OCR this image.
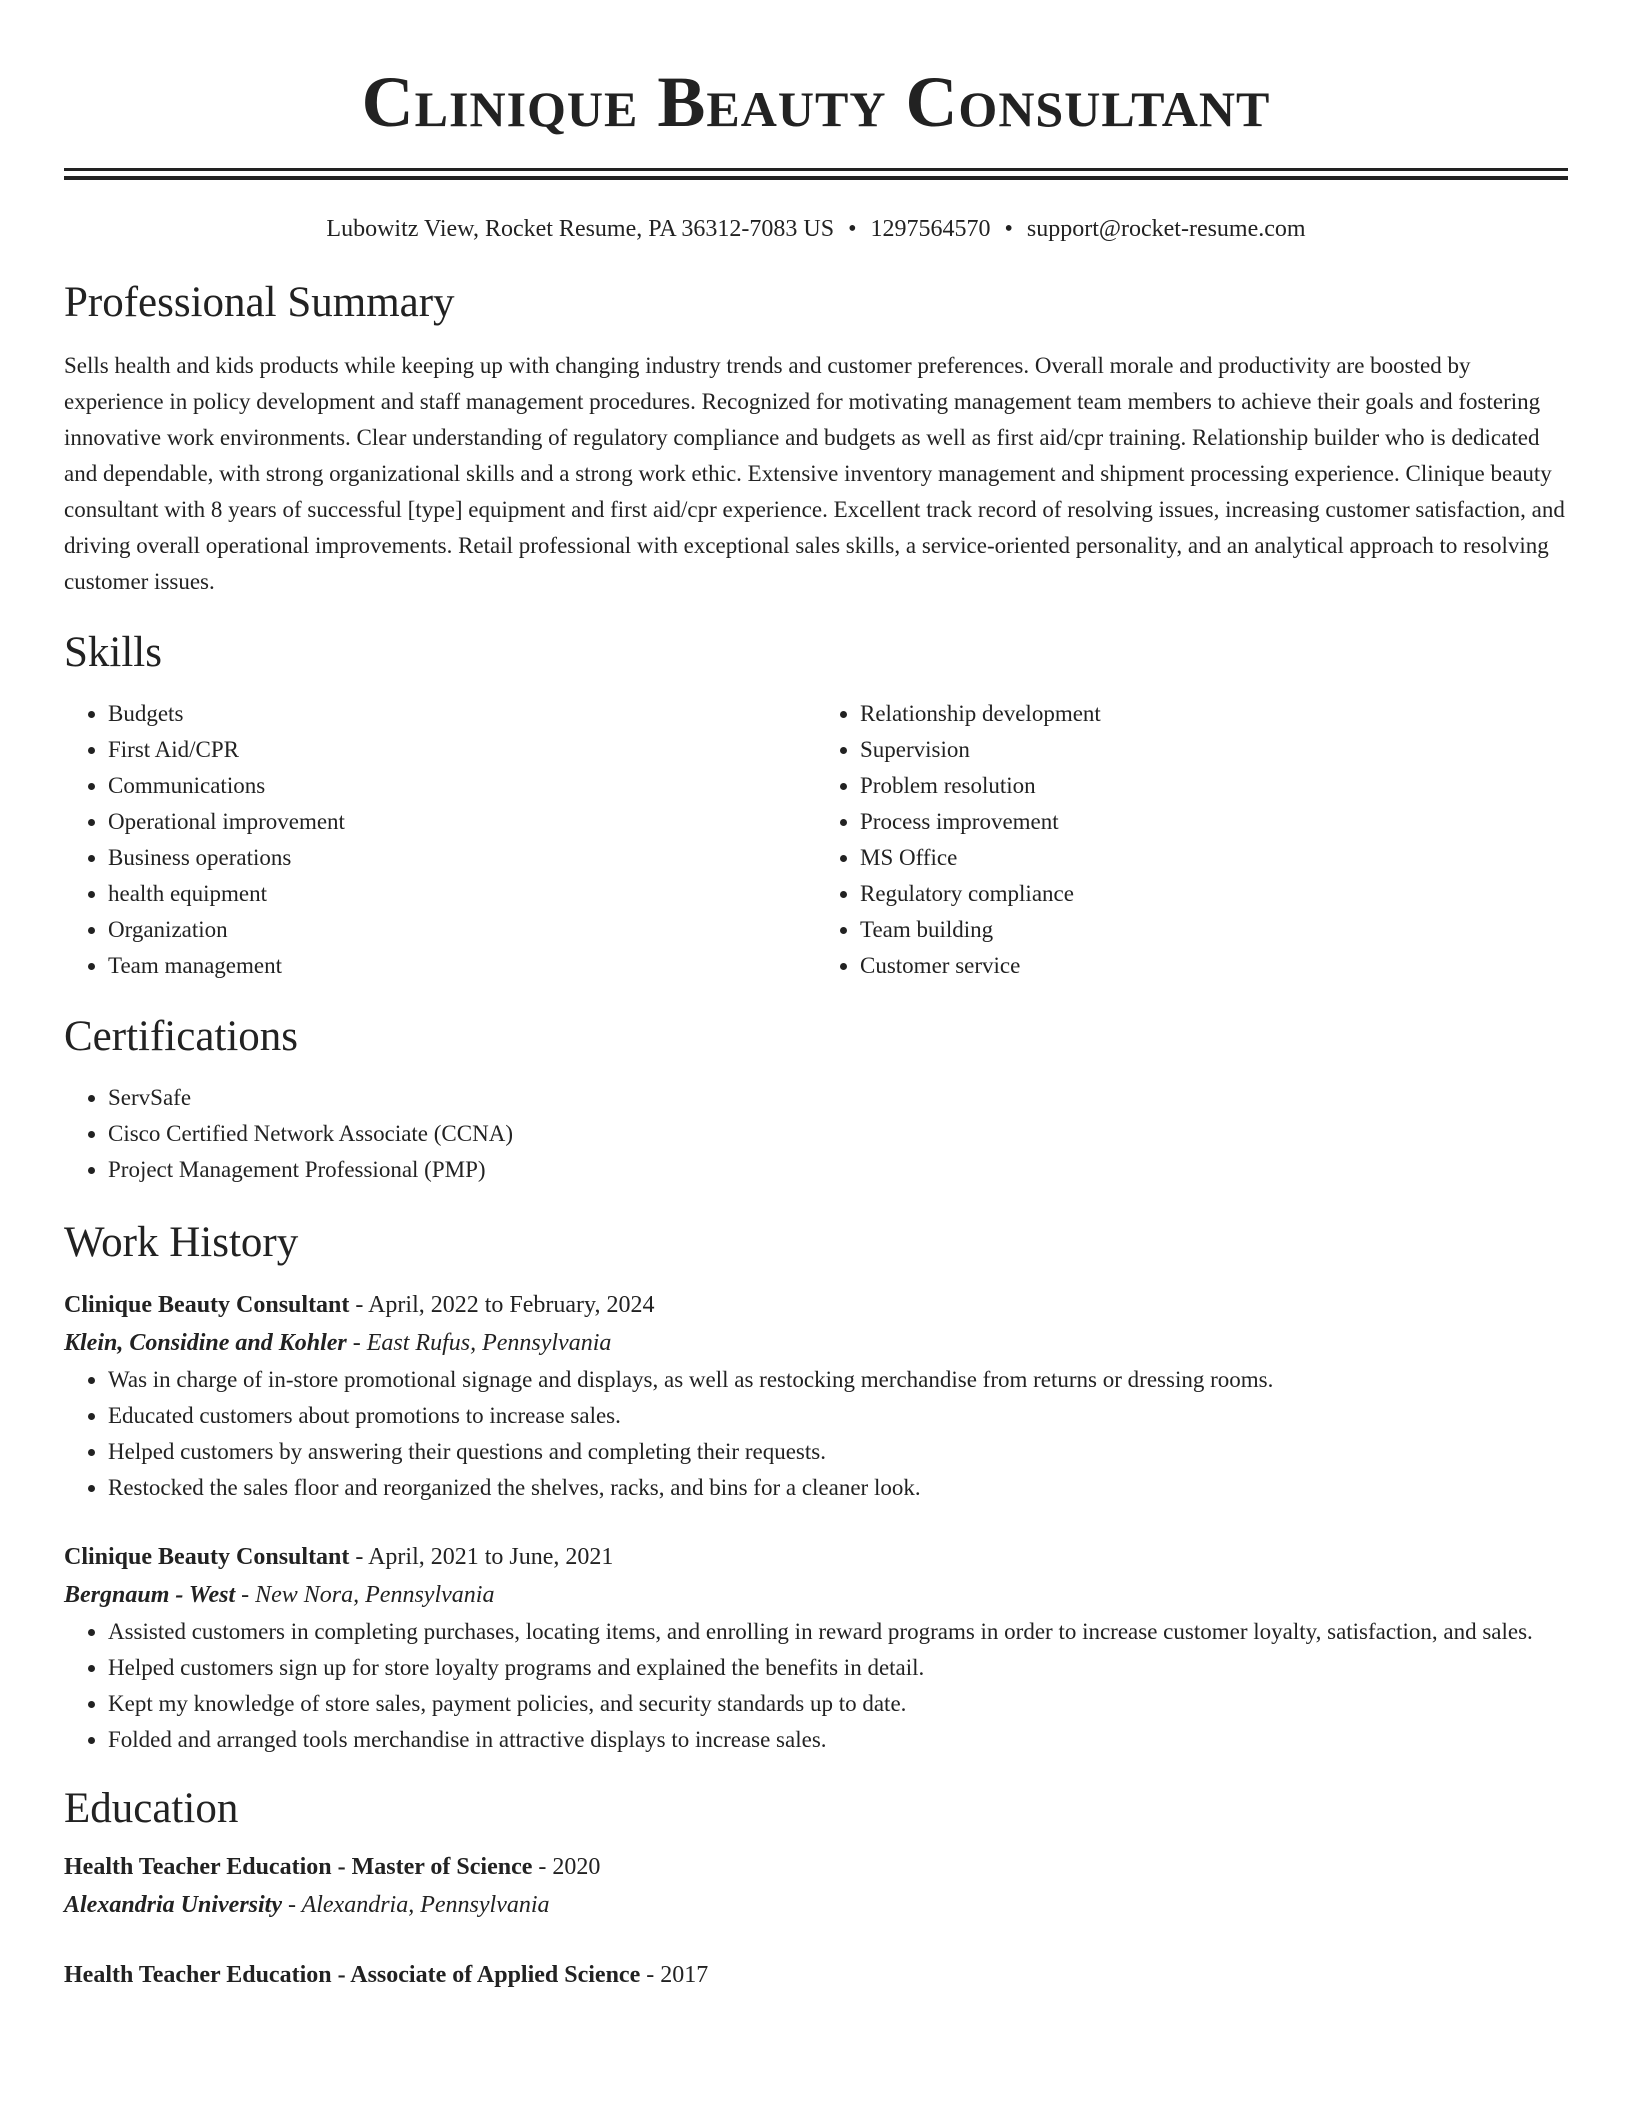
Clinique Beauty Consultant
Lubowitz View, Rocket Resume, PA 36312-7083 US • 1297564570 • support@rocket-resume.com
Professional Summary

Sells health and kids products while keeping up with changing industry trends and customer preferences. Overall morale and productivity are boosted by experience in policy development and staff management procedures. Recognized for motivating management team members to achieve their goals and fostering innovative work environments. Clear understanding of regulatory compliance and budgets as well as first aid/cpr training. Relationship builder who is dedicated and dependable, with strong organizational skills and a strong work ethic. Extensive inventory management and shipment processing experience. Clinique beauty consultant with 8 years of successful [type] equipment and first aid/cpr experience. Excellent track record of resolving issues, increasing customer satisfaction, and driving overall operational improvements. Retail professional with exceptional sales skills, a service-oriented personality, and an analytical approach to resolving customer issues.

Skills
• Budgets
• First Aid/CPR
• Communications
• Operational improvement
• Business operations
• health equipment
• Organization
• Team management
• Relationship development
• Supervision
• Problem resolution
• Process improvement
• MS Office
• Regulatory compliance
• Team building
• Customer service
Certifications
• ServSafe
• Cisco Certified Network Associate (CCNA)
• Project Management Professional (PMP)
Work History
Clinique Beauty Consultant - April, 2022 to February, 2024
Klein, Considine and Kohler - East Rufus, Pennsylvania
• Was in charge of in-store promotional signage and displays, as well as restocking merchandise from returns or dressing rooms.
• Educated customers about promotions to increase sales.
• Helped customers by answering their questions and completing their requests.
• Restocked the sales floor and reorganized the shelves, racks, and bins for a cleaner look.
Clinique Beauty Consultant - April, 2021 to June, 2021
Bergnaum - West - New Nora, Pennsylvania
• Assisted customers in completing purchases, locating items, and enrolling in reward programs in order to increase customer loyalty, satisfaction, and sales.
• Helped customers sign up for store loyalty programs and explained the benefits in detail.
• Kept my knowledge of store sales, payment policies, and security standards up to date.
• Folded and arranged tools merchandise in attractive displays to increase sales.
Education
Health Teacher Education - Master of Science - 2020
Alexandria University - Alexandria, Pennsylvania
Health Teacher Education - Associate of Applied Science - 2017
